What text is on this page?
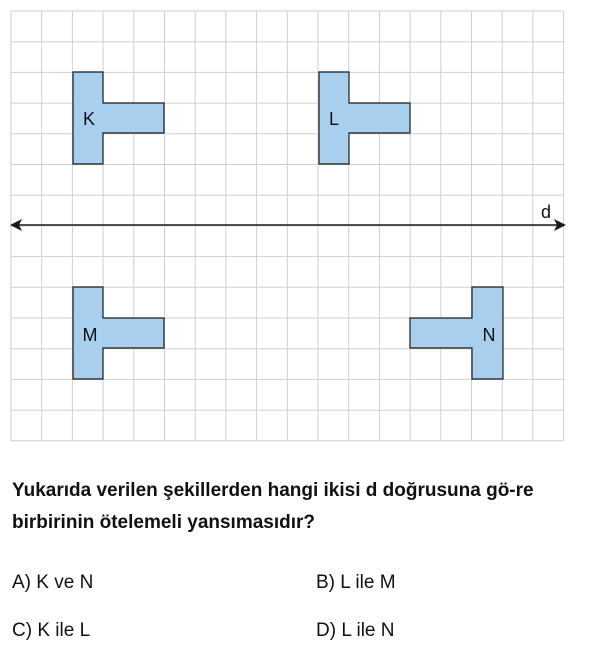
K	L
M	N
d
Yukarıda verilen şekillerden hangi ikisi d doğrusuna gö-re birbirinin ötelemeli yansımasıdır?
A) K ve N	B) L ile M
C) K ile L	D) L ile N
